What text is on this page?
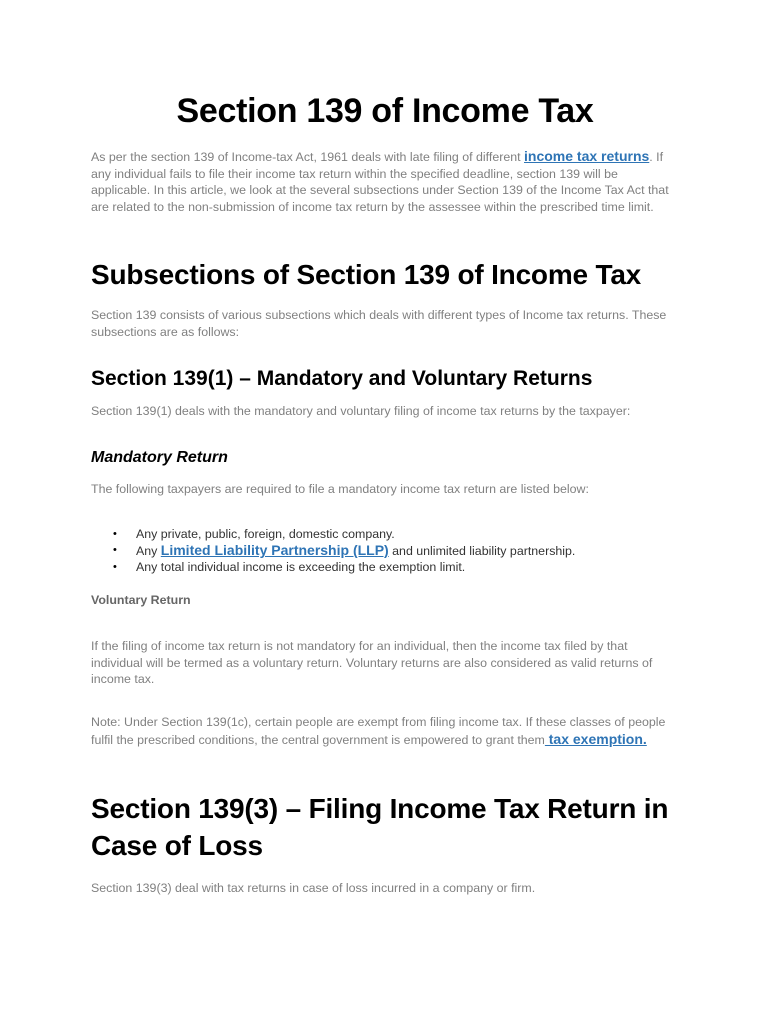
Section 139 of Income Tax

As per the section 139 of Income-tax Act, 1961 deals with late filing of different income tax returns. If any individual fails to file their income tax return within the specified deadline, section 139 will be applicable. In this article, we look at the several subsections under Section 139 of the Income Tax Act that are related to the non-submission of income tax return by the assessee within the prescribed time limit.

Subsections of Section 139 of Income Tax

Section 139 consists of various subsections which deals with different types of Income tax returns. These subsections are as follows:

Section 139(1) – Mandatory and Voluntary Returns

Section 139(1) deals with the mandatory and voluntary filing of income tax returns by the taxpayer:

Mandatory Return

The following taxpayers are required to file a mandatory income tax return are listed below:

• Any private, public, foreign, domestic company.
• Any Limited Liability Partnership (LLP) and unlimited liability partnership.
• Any total individual income is exceeding the exemption limit.
Voluntary Return

If the filing of income tax return is not mandatory for an individual, then the income tax filed by that individual will be termed as a voluntary return. Voluntary returns are also considered as valid returns of income tax.

Note: Under Section 139(1c), certain people are exempt from filing income tax. If these classes of people fulfil the prescribed conditions, the central government is empowered to grant them tax exemption.

Section 139(3) – Filing Income Tax Return in Case of Loss

Section 139(3) deal with tax returns in case of loss incurred in a company or firm.
